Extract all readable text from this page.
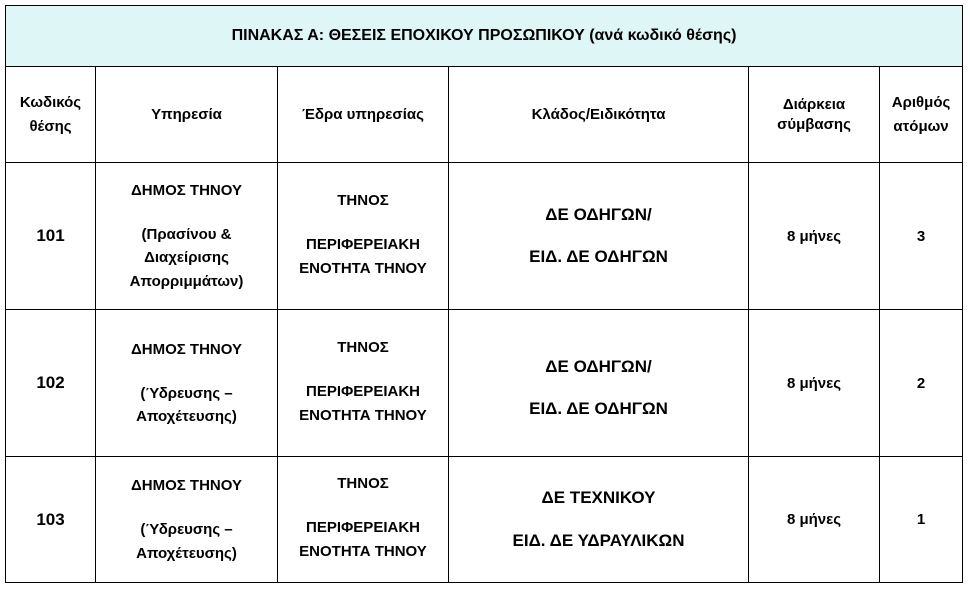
ΠΙΝΑΚΑΣ Α: ΘΕΣΕΙΣ ΕΠΟΧΙΚΟΥ ΠΡΟΣΩΠΙΚΟΥ (ανά κωδικό θέσης)					

Κωδικός
θέσης	Υπηρεσία	Έδρα υπηρεσίας	Κλάδος/Ειδικότητα	Διάρκεια
σύμβασης	Αριθμός
ατόμων
101	ΔΗΜΟΣ ΤΗΝΟΥ
(Πρασίνου &
Διαχείρισης
Απορριμμάτων)	ΤΗΝΟΣ
ΠΕΡΙΦΕΡΕΙΑΚΗ
ΕΝΟΤΗΤΑ ΤΗΝΟΥ	ΔΕ ΟΔΗΓΩΝ/
ΕΙΔ. ΔΕ ΟΔΗΓΩΝ	8 μήνες	3
102	ΔΗΜΟΣ ΤΗΝΟΥ
(Ύδρευσης –
Αποχέτευσης)	ΤΗΝΟΣ
ΠΕΡΙΦΕΡΕΙΑΚΗ
ΕΝΟΤΗΤΑ ΤΗΝΟΥ	ΔΕ ΟΔΗΓΩΝ/
ΕΙΔ. ΔΕ ΟΔΗΓΩΝ	8 μήνες	2
103	ΔΗΜΟΣ ΤΗΝΟΥ
(Ύδρευσης –
Αποχέτευσης)	ΤΗΝΟΣ
ΠΕΡΙΦΕΡΕΙΑΚΗ
ΕΝΟΤΗΤΑ ΤΗΝΟΥ	ΔΕ ΤΕΧΝΙΚΟΥ
ΕΙΔ. ΔΕ ΥΔΡΑΥΛΙΚΩΝ	8 μήνες	1
